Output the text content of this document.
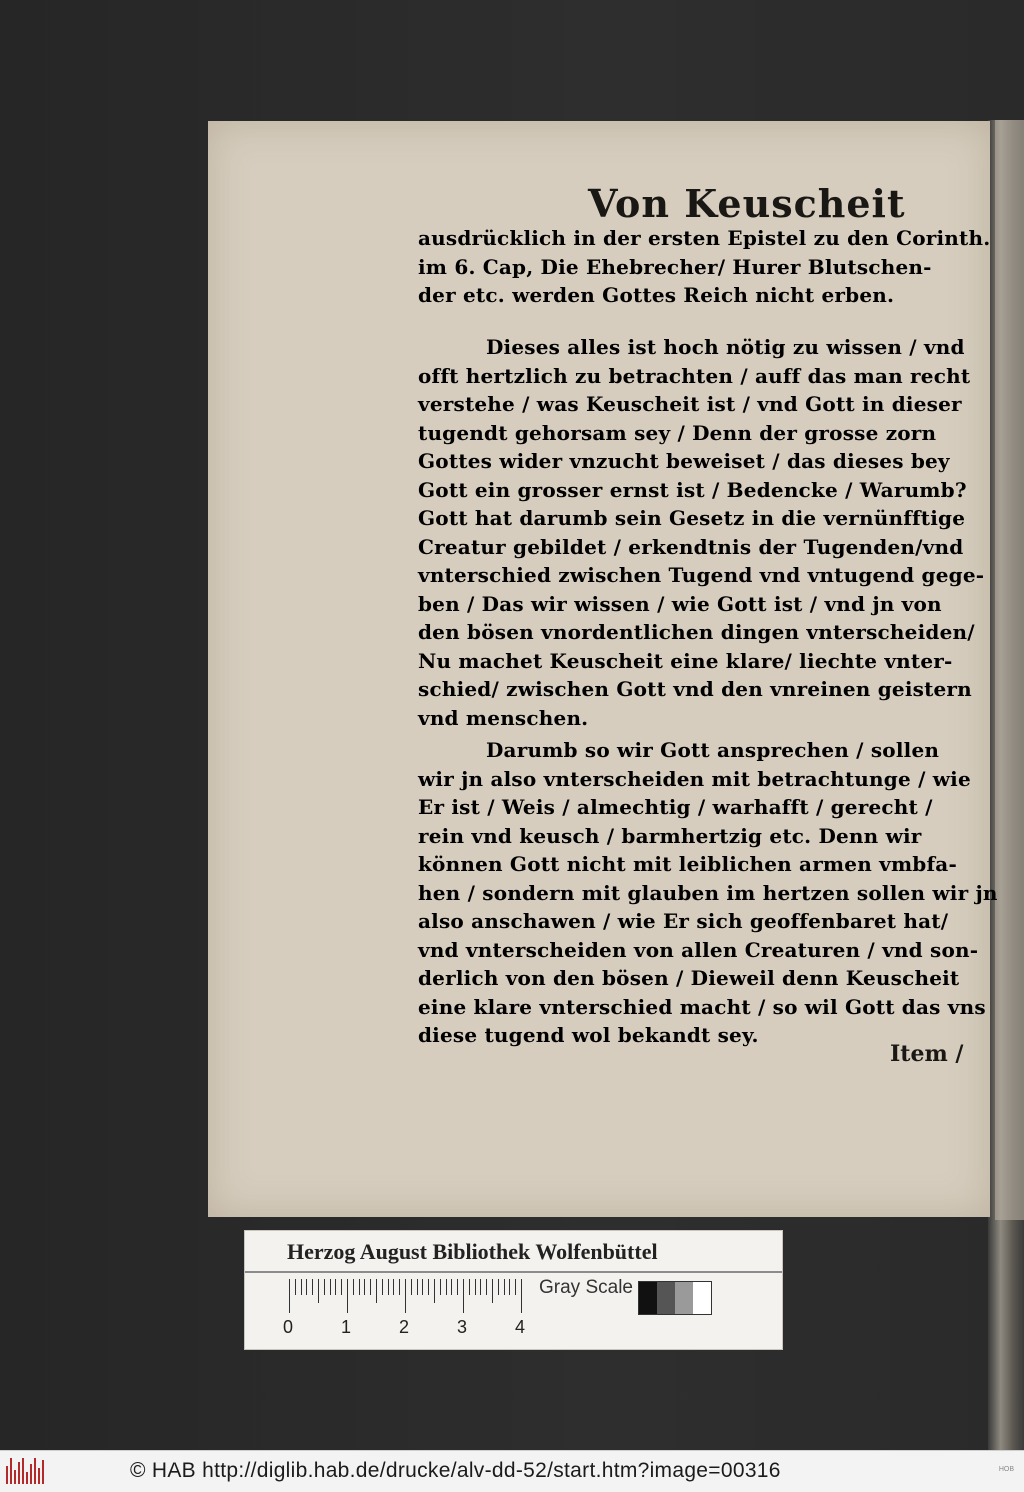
Von Keuscheit
ausdrücklich in der ersten Epistel zu den Corinth.
im 6. Cap, Die Ehebrecher/ Hurer Blutschen-
der etc. werden Gottes Reich nicht erben.
Dieses alles ist hoch nötig zu wissen / vnd
offt hertzlich zu betrachten / auff das man recht
verstehe / was Keuscheit ist / vnd Gott in dieser
tugendt gehorsam sey / Denn der grosse zorn
Gottes wider vnzucht beweiset / das dieses bey
Gott ein grosser ernst ist / Bedencke / Warumb?
Gott hat darumb sein Gesetz in die vernünfftige
Creatur gebildet / erkendtnis der Tugenden/vnd
vnterschied zwischen Tugend vnd vntugend gege-
ben / Das wir wissen / wie Gott ist / vnd jn von
den bösen vnordentlichen dingen vnterscheiden/
Nu machet Keuscheit eine klare/ liechte vnter-
schied/ zwischen Gott vnd den vnreinen geistern
vnd menschen.
Darumb so wir Gott ansprechen / sollen
wir jn also vnterscheiden mit betrachtunge / wie
Er ist / Weis / almechtig / warhafft / gerecht /
rein vnd keusch / barmhertzig etc. Denn wir
können Gott nicht mit leiblichen armen vmbfa-
hen / sondern mit glauben im hertzen sollen wir jn
also anschawen / wie Er sich geoffenbaret hat/
vnd vnterscheiden von allen Creaturen / vnd son-
derlich von den bösen / Dieweil denn Keuscheit
eine klare vnterschied macht / so wil Gott das vns
diese tugend wol bekandt sey.
Item /
Herzog August Bibliothek Wolfenbüttel
0	1	2	3	4
Gray Scale
© HAB http://diglib.hab.de/drucke/alv-dd-52/start.htm?image=00316	HOB
